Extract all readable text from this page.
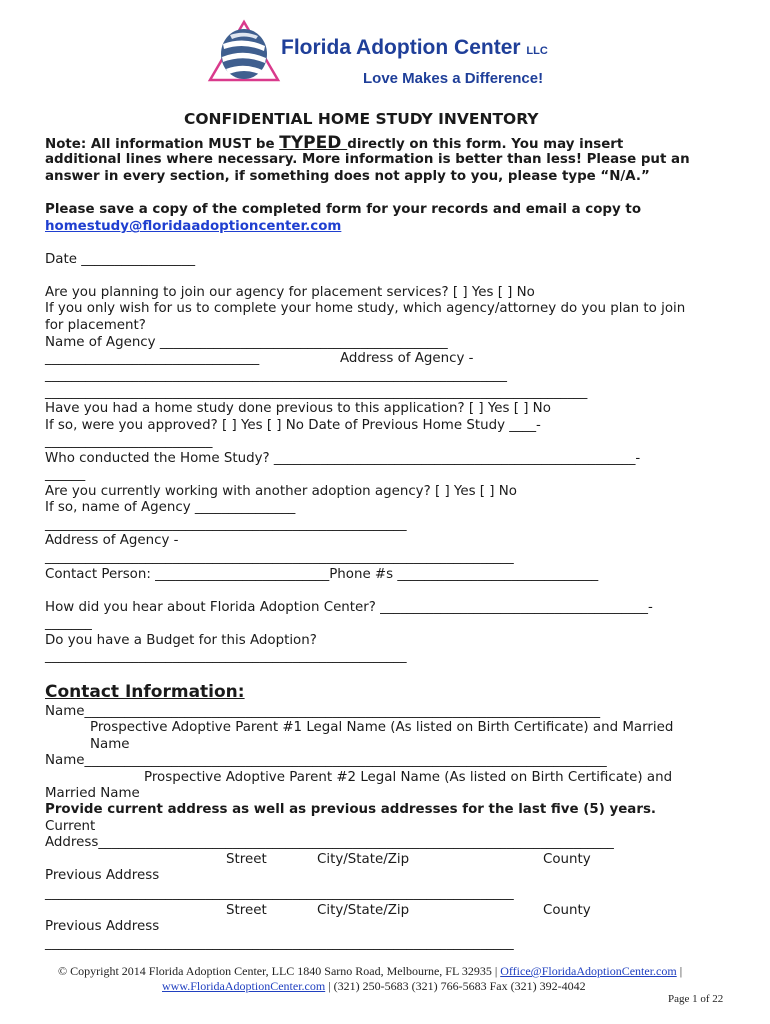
Florida Adoption Center LLC
Love Makes a Difference!
CONFIDENTIAL HOME STUDY INVENTORY
Note: All information MUST be TYPED directly on this form. You may insert
additional lines where necessary. More information is better than less! Please put an
answer in every section, if something does not apply to you, please type “N/A.”
Please save a copy of the completed form for your records and email a copy to
homestudy@floridaadoptioncenter.com
Date _________________
Are you planning to join our agency for placement services? [ ] Yes [ ] No
If you only wish for us to complete your home study, which agency/attorney do you plan to join
for placement?
Name of Agency ___________________________________________
________________________________	Address of Agency -
_____________________________________________________________________
_________________________________________________________________________________
Have you had a home study done previous to this application? [ ] Yes [ ] No
If so, were you approved? [ ] Yes [ ] No Date of Previous Home Study ____-
_________________________
Who conducted the Home Study? ______________________________________________________-
______
Are you currently working with another adoption agency? [ ] Yes [ ] No
If so, name of Agency _______________
______________________________________________________
Address of Agency -
______________________________________________________________________
Contact Person: __________________________Phone #s ______________________________
How did you hear about Florida Adoption Center? ________________________________________-
_______
Do you have a Budget for this Adoption?
______________________________________________________
Contact Information:
Name_____________________________________________________________________________
Prospective Adoptive Parent #1 Legal Name (As listed on Birth Certificate) and Married
Name
Name______________________________________________________________________________
Prospective Adoptive Parent #2 Legal Name (As listed on Birth Certificate) and
Married Name
Provide current address as well as previous addresses for the last five (5) years.
Current
Address_____________________________________________________________________________
Street	City/State/Zip	County
Previous Address
______________________________________________________________________
Street	City/State/Zip	County
Previous Address
______________________________________________________________________
© Copyright 2014 Florida Adoption Center, LLC 1840 Sarno Road, Melbourne, FL 32935 | Office@FloridaAdoptionCenter.com |
www.FloridaAdoptionCenter.com | (321) 250-5683 (321) 766-5683 Fax (321) 392-4042
Page 1 of 22
